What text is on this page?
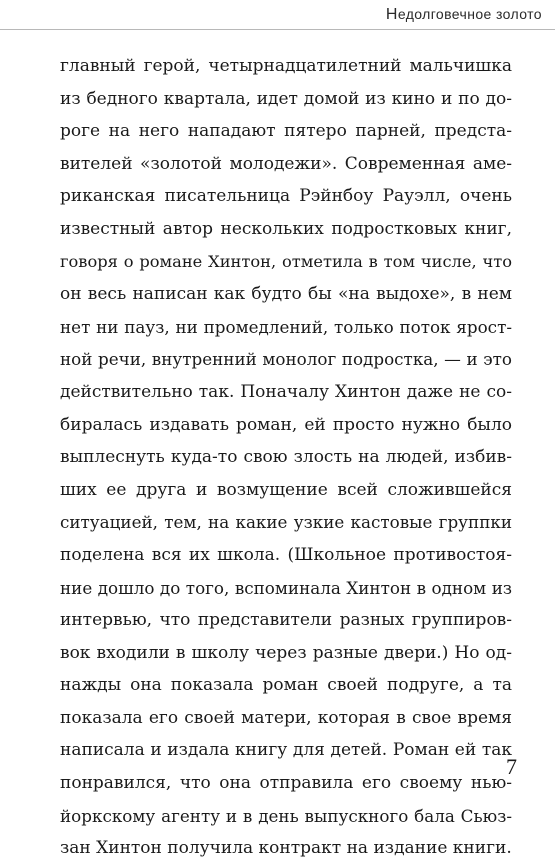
Недолговечное золото
главный герой, четырнадцатилетний мальчишка
из бедного квартала, идет домой из кино и по до-
роге на него нападают пятеро парней, предста-
вителей «золотой молодежи». Современная аме-
риканская писательница Рэйнбоу Рауэлл, очень
известный автор нескольких подростковых книг,
говоря о романе Хинтон, отметила в том числе, что
он весь написан как будто бы «на выдохе», в нем
нет ни пауз, ни промедлений, только поток ярост-
ной речи, внутренний монолог подростка, — и это
действительно так. Поначалу Хинтон даже не со-
биралась издавать роман, ей просто нужно было
выплеснуть куда-то свою злость на людей, избив-
ших ее друга и возмущение всей сложившейся
ситуацией, тем, на какие узкие кастовые группки
поделена вся их школа. (Школьное противостоя-
ние дошло до того, вспоминала Хинтон в одном из
интервью, что представители разных группиров-
вок входили в школу через разные двери.) Но од-
нажды она показала роман своей подруге, а та
показала его своей матери, которая в свое время
написала и издала книгу для детей. Роман ей так
понравился, что она отправила его своему нью-
йоркскому агенту и в день выпускного бала Сьюз-
зан Хинтон получила контракт на издание книги.
7
